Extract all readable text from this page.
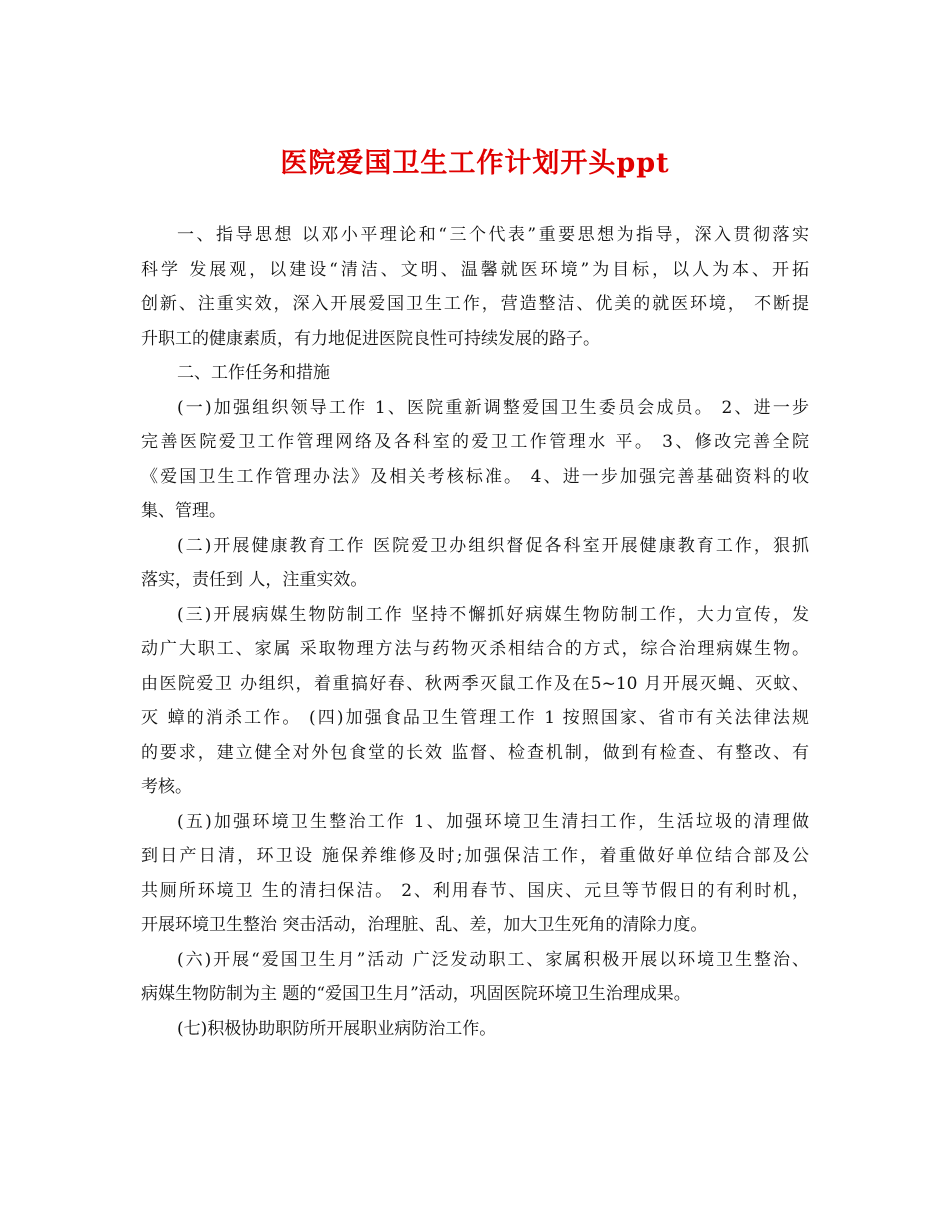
医院爱国卫生工作计划开头ppt
一、指导思想 以邓小平理论和“三个代表”重要思想为指导，深入贯彻落实
科学 发展观，以建设“清洁、文明、温馨就医环境”为目标，以人为本、开拓
创新、注重实效，深入开展爱国卫生工作，营造整洁、优美的就医环境， 不断提
升职工的健康素质，有力地促进医院良性可持续发展的路子。
二、工作任务和措施
(一)加强组织领导工作 1、医院重新调整爱国卫生委员会成员。 2、进一步
完善医院爱卫工作管理网络及各科室的爱卫工作管理水 平。 3、修改完善全院
《爱国卫生工作管理办法》及相关考核标准。 4、进一步加强完善基础资料的收
集、管理。
(二)开展健康教育工作 医院爱卫办组织督促各科室开展健康教育工作，狠抓
落实，责任到 人，注重实效。
(三)开展病媒生物防制工作 坚持不懈抓好病媒生物防制工作，大力宣传，发
动广大职工、家属 采取物理方法与药物灭杀相结合的方式，综合治理病媒生物。
由医院爱卫 办组织，着重搞好春、秋两季灭鼠工作及在5~10 月开展灭蝇、灭蚊、
灭 蟑的消杀工作。 (四)加强食品卫生管理工作 1 按照国家、省市有关法律法规
的要求，建立健全对外包食堂的长效 监督、检查机制，做到有检查、有整改、有
考核。
(五)加强环境卫生整治工作 1、加强环境卫生清扫工作，生活垃圾的清理做
到日产日清，环卫设 施保养维修及时;加强保洁工作，着重做好单位结合部及公
共厕所环境卫 生的清扫保洁。 2、利用春节、国庆、元旦等节假日的有利时机，
开展环境卫生整治 突击活动，治理脏、乱、差，加大卫生死角的清除力度。
(六)开展“爱国卫生月”活动 广泛发动职工、家属积极开展以环境卫生整治、
病媒生物防制为主 题的“爱国卫生月”活动，巩固医院环境卫生治理成果。
(七)积极协助职防所开展职业病防治工作。
